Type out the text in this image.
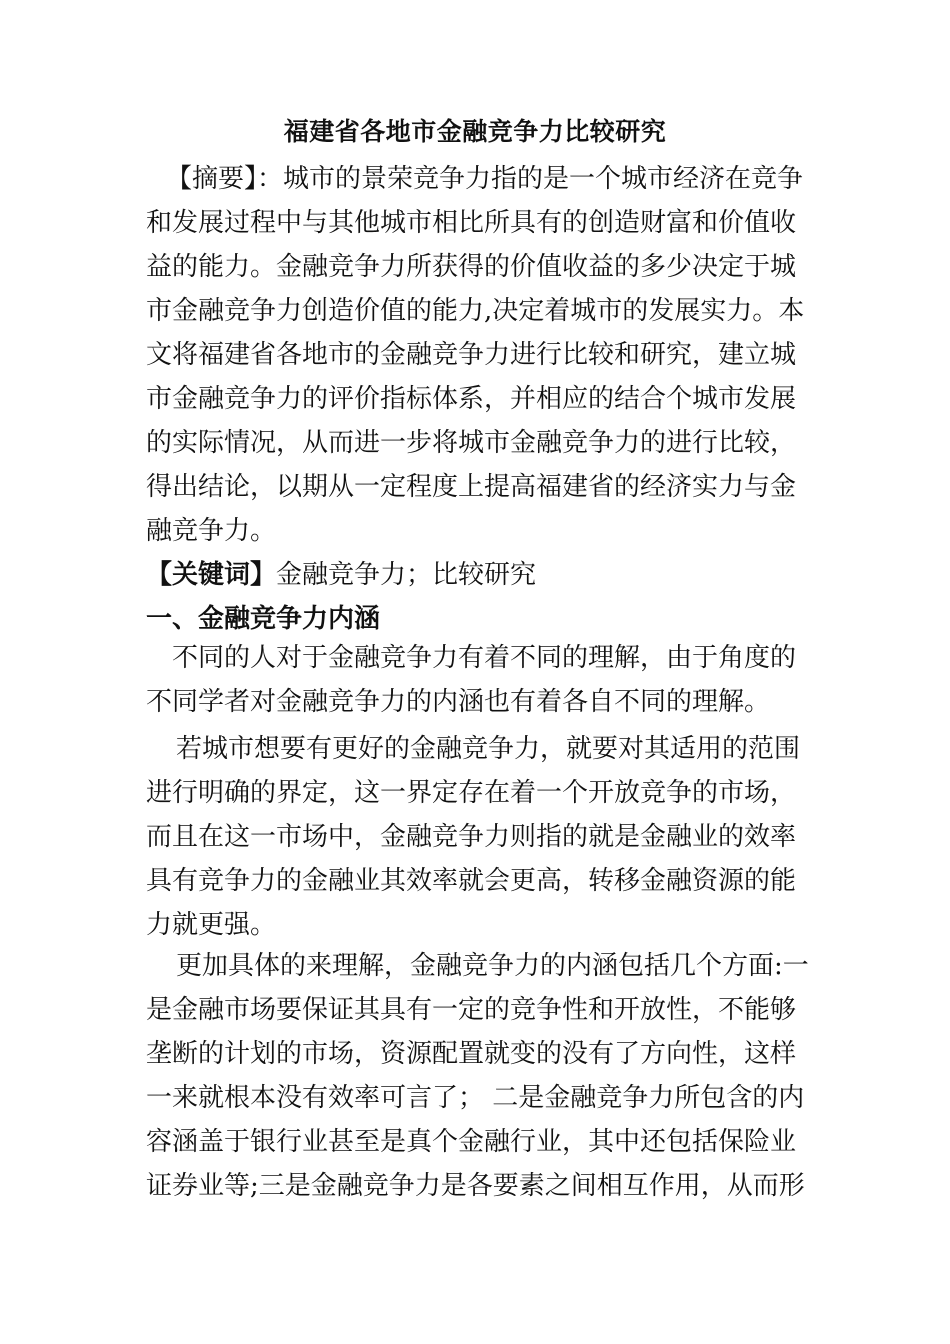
福建省各地市金融竞争力比较研究
【摘要】：城市的景荣竞争力指的是一个城市经济在竞争
和发展过程中与其他城市相比所具有的创造财富和价值收
益的能力。金融竞争力所获得的价值收益的多少决定于城
市金融竞争力创造价值的能力,决定着城市的发展实力。本
文将福建省各地市的金融竞争力进行比较和研究，建立城
市金融竞争力的评价指标体系，并相应的结合个城市发展
的实际情况，从而进一步将城市金融竞争力的进行比较，
得出结论，以期从一定程度上提高福建省的经济实力与金
融竞争力。
【关键词】金融竞争力；比较研究
一、金融竞争力内涵
不同的人对于金融竞争力有着不同的理解，由于角度的
不同学者对金融竞争力的内涵也有着各自不同的理解。
若城市想要有更好的金融竞争力，就要对其适用的范围
进行明确的界定，这一界定存在着一个开放竞争的市场，
而且在这一市场中，金融竞争力则指的就是金融业的效率
具有竞争力的金融业其效率就会更高，转移金融资源的能
力就更强。
更加具体的来理解，金融竞争力的内涵包括几个方面:一
是金融市场要保证其具有一定的竞争性和开放性，不能够
垄断的计划的市场，资源配置就变的没有了方向性，这样
一来就根本没有效率可言了； 二是金融竞争力所包含的内
容涵盖于银行业甚至是真个金融行业，其中还包括保险业
证券业等;三是金融竞争力是各要素之间相互作用，从而形
